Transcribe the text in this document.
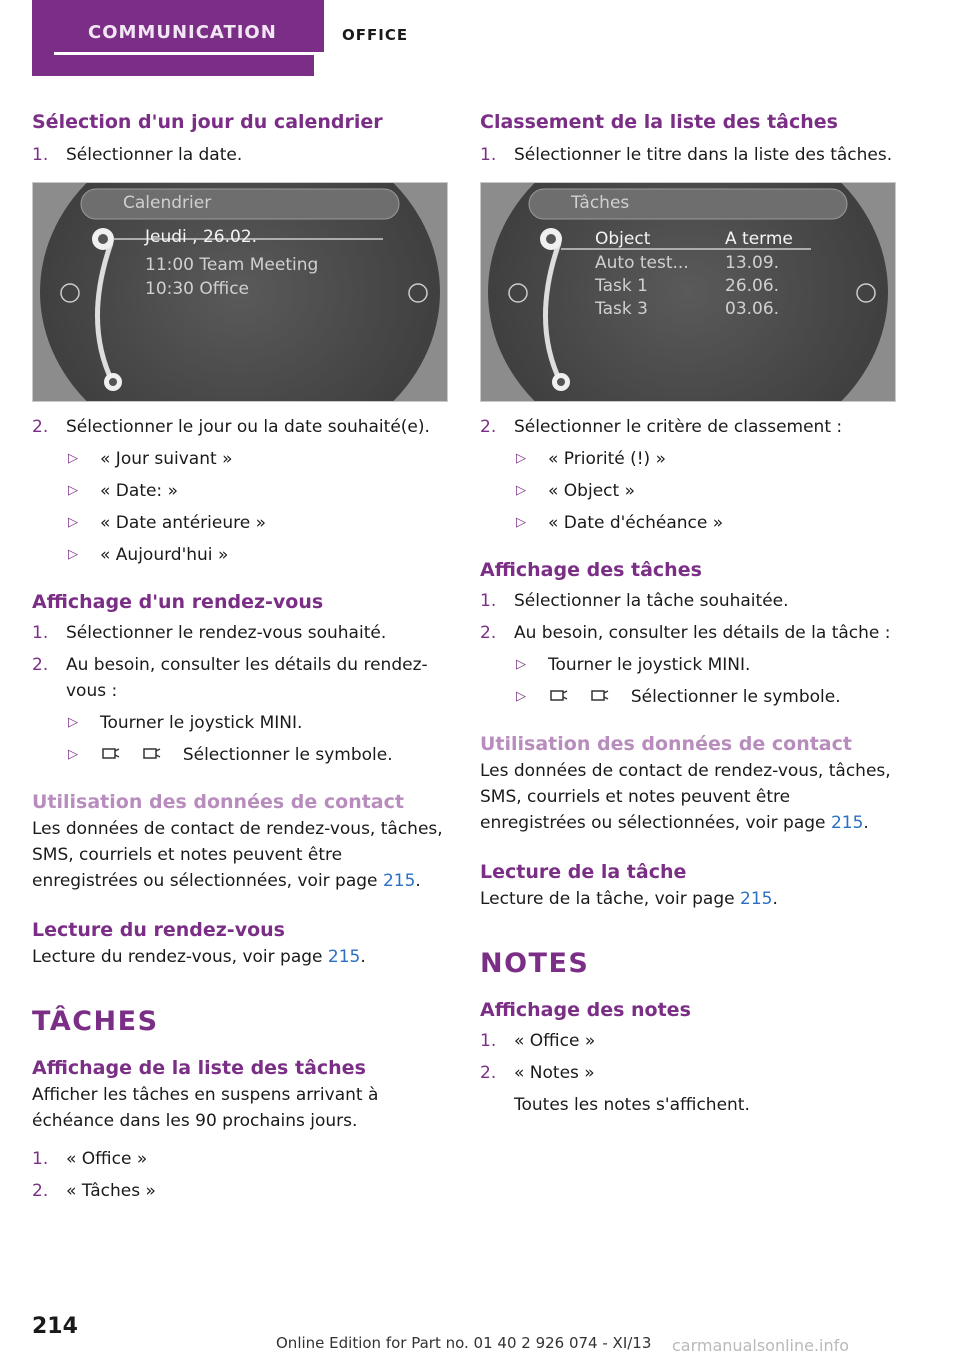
COMMUNICATION	OFFICE
Sélection d'un jour du calendrier
1. Sélectionner la date.
Calendrier
Jeudi , 26.02.
11:00 Team Meeting
10:30 Office
2. Sélectionner le jour ou la date souhaité(e).
▷ « Jour suivant »
▷ « Date: »
▷ « Date antérieure »
▷ « Aujourd'hui »
Affichage d'un rendez-vous
1. Sélectionner le rendez-vous souhaité.
2. Au besoin, consulter les détails du rendez-vous :
▷ Tourner le joystick MINI.
▷	Sélectionner le symbole.
Utilisation des données de contact

Les données de contact de rendez-vous, tâches, SMS, courriels et notes peuvent être enregistrées ou sélectionnées, voir page 215.

Lecture du rendez-vous

Lecture du rendez-vous, voir page 215.

TÂCHES
Affichage de la liste des tâches

Afficher les tâches en suspens arrivant à échéance dans les 90 prochains jours.

1. « Office »
2. « Tâches »
Classement de la liste des tâches
1. Sélectionner le titre dans la liste des tâches.
Tâches
Object	A terme
Auto test... 13.09.
Task 1	26.06.
Task 3	03.06.
2. Sélectionner le critère de classement :
▷ « Priorité (!) »
▷ « Object »
▷ « Date d'échéance »
Affichage des tâches
1. Sélectionner la tâche souhaitée.
2. Au besoin, consulter les détails de la tâche :
▷ Tourner le joystick MINI.
▷	Sélectionner le symbole.
Utilisation des données de contact

Les données de contact de rendez-vous, tâches, SMS, courriels et notes peuvent être enregistrées ou sélectionnées, voir page 215.

Lecture de la tâche

Lecture de la tâche, voir page 215.

NOTES
Affichage des notes
1. « Office »
2. « Notes »
Toutes les notes s'affichent.
214
Online Edition for Part no. 01 40 2 926 074 - XI/13 carmanualsonline.info
